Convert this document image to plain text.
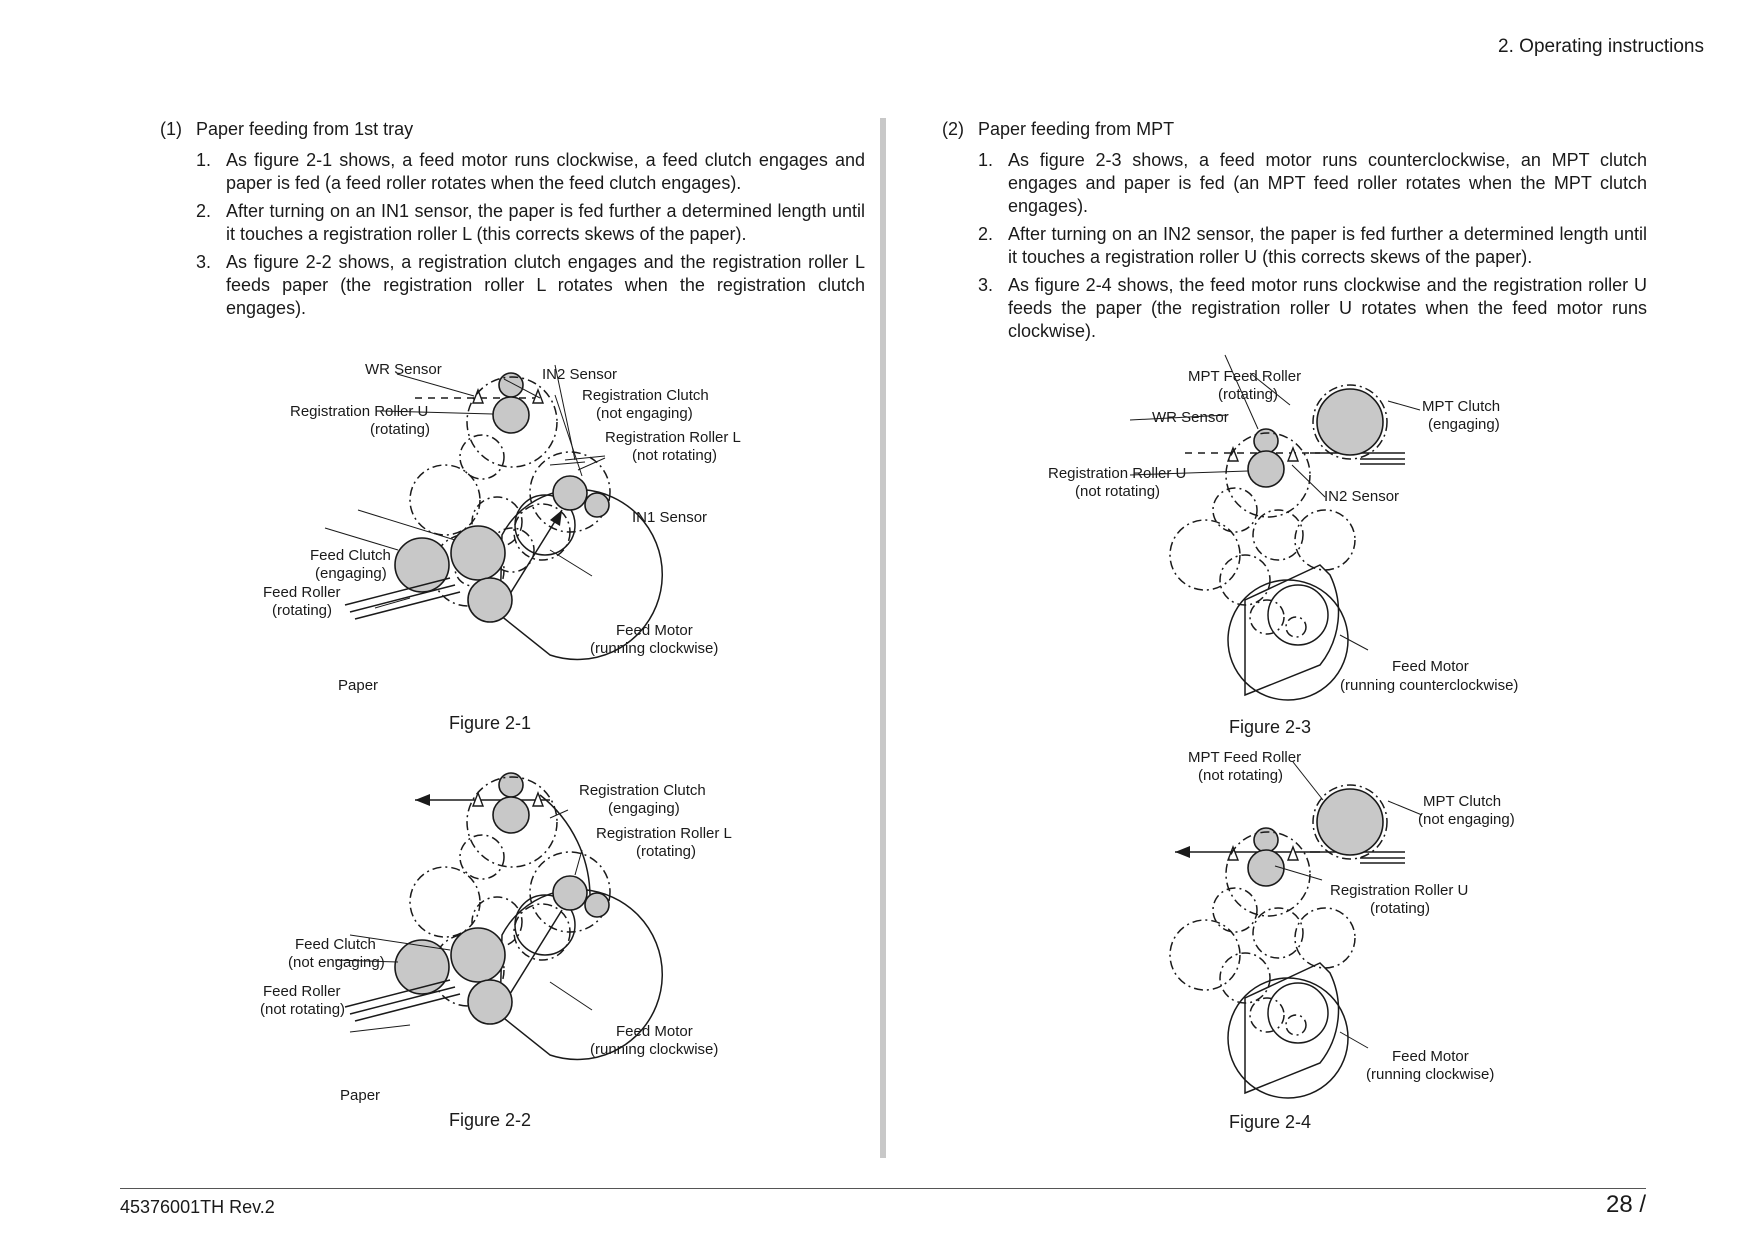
2. Operating instructions
(1) Paper feeding from 1st tray
1. As figure 2-1 shows, a feed motor runs clockwise, a feed clutch engages and paper is fed (a feed roller rotates when the feed clutch engages).
2. After turning on an IN1 sensor, the paper is fed further a determined length until it touches a registration roller L (this corrects skews of the paper).
3. As figure 2-2 shows, a registration clutch engages and the registration roller L feeds paper (the registration roller L rotates when the registration clutch engages).
(2) Paper feeding from MPT
1. As figure 2-3 shows, a feed motor runs counterclockwise, an MPT clutch engages and paper is fed (an MPT feed roller rotates when the MPT clutch engages).
2. After turning on an IN2 sensor, the paper is fed further a determined length until it touches a registration roller U (this corrects skews of the paper).
3. As figure 2-4 shows, the feed motor runs clockwise and the registration roller U feeds the paper (the registration roller U rotates when the feed motor runs clockwise).
WR Sensor	IN2 Sensor
Registration Clutch
(not engaging)
Registration Roller U
(rotating)	Registration Roller L
(not rotating)
IN1 Sensor
Feed Clutch
(engaging)
Feed Roller
(rotating)
Feed Motor
(running clockwise)
Paper
Figure 2-1
Registration Clutch
(engaging)
Registration Roller L
(rotating)
Feed Clutch
(not engaging)
Feed Roller
(not rotating)
Feed Motor
(running clockwise)
Paper
Figure 2-2
MPT Feed Roller
(rotating)
MPT Clutch
(engaging)
WR Sensor
Registration Roller U
(not rotating)	IN2 Sensor
Feed Motor
(running counterclockwise)
Figure 2-3
MPT Feed Roller
(not rotating)
MPT Clutch
(not engaging)
Registration Roller U
(rotating)
Feed Motor
(running clockwise)
Figure 2-4
45376001TH Rev.2	28 /
